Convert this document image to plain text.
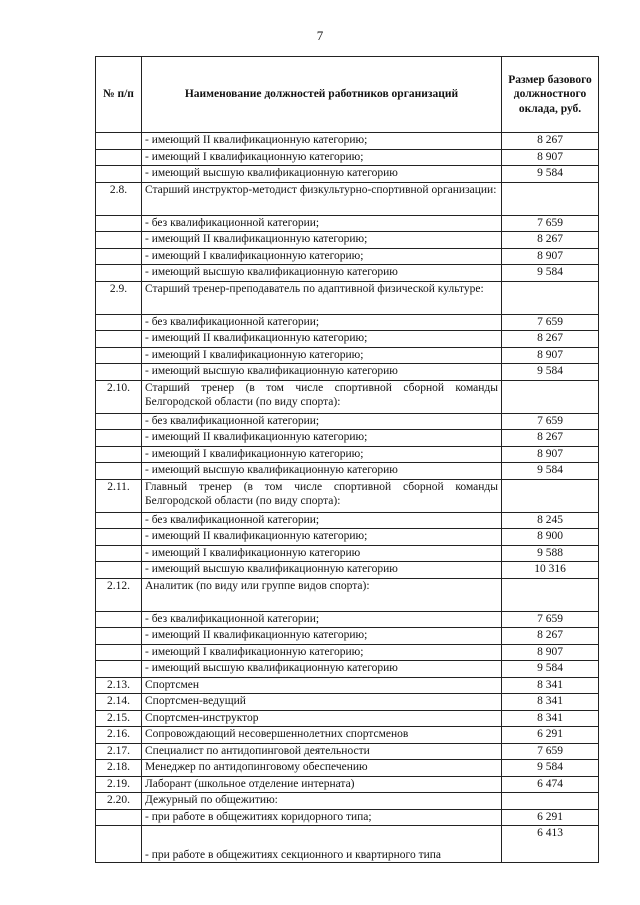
7
№ п/п	Наименование должностей работников организаций	Размер базового должностного оклада, руб.
	- имеющий II квалификационную категорию;	8 267
	- имеющий I квалификационную категорию;	8 907
	- имеющий высшую квалификационную категорию	9 584
2.8.	Старший инструктор-методист физкультурно-спортивной организации:	
	- без квалификационной категории;	7 659
	- имеющий II квалификационную категорию;	8 267
	- имеющий I квалификационную категорию;	8 907
	- имеющий высшую квалификационную категорию	9 584
2.9.	Старший тренер-преподаватель по адаптивной физической культуре:	
	- без квалификационной категории;	7 659
	- имеющий II квалификационную категорию;	8 267
	- имеющий I квалификационную категорию;	8 907
	- имеющий высшую квалификационную категорию	9 584
2.10.	Старший тренер (в том числе спортивной сборной команды Белгородской области (по виду спорта):	
	- без квалификационной категории;	7 659
	- имеющий II квалификационную категорию;	8 267
	- имеющий I квалификационную категорию;	8 907
	- имеющий высшую квалификационную категорию	9 584
2.11.	Главный тренер (в том числе спортивной сборной команды Белгородской области (по виду спорта):	
	- без квалификационной категории;	8 245
	- имеющий II квалификационную категорию;	8 900
	- имеющий I квалификационную категорию	9 588
	- имеющий высшую квалификационную категорию	10 316
2.12.	Аналитик (по виду или группе видов спорта):	
	- без квалификационной категории;	7 659
	- имеющий II квалификационную категорию;	8 267
	- имеющий I квалификационную категорию;	8 907
	- имеющий высшую квалификационную категорию	9 584
2.13.	Спортсмен	8 341
2.14.	Спортсмен-ведущий	8 341
2.15.	Спортсмен-инструктор	8 341
2.16.	Сопровождающий несовершеннолетних спортсменов	6 291
2.17.	Специалист по антидопинговой деятельности	7 659
2.18.	Менеджер по антидопинговому обеспечению	9 584
2.19.	Лаборант (школьное отделение интерната)	6 474
2.20.	Дежурный по общежитию:	
	- при работе в общежитиях коридорного типа;	6 291
	- при работе в общежитиях секционного и квартирного типа	6 413
